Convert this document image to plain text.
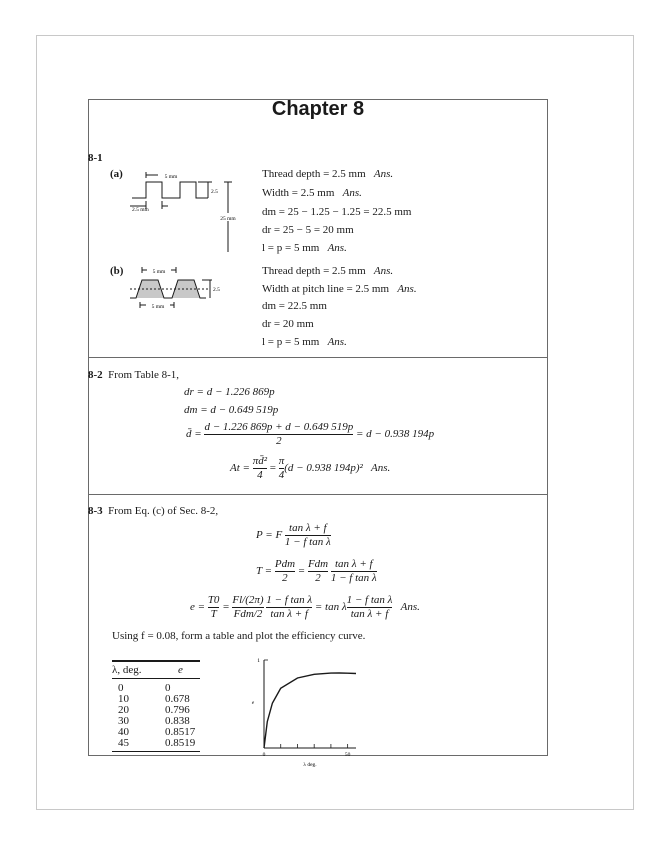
Chapter 8
8-1
(a)	5 mm
2.5
2.5 mm
25 mm
Thread depth = 2.5 mm Ans.
Width = 2.5 mm Ans.
dm = 25 − 1.25 − 1.25 = 22.5 mm
dr = 25 − 5 = 20 mm
l = p = 5 mm Ans.
(b)	5 mm
2.5
5 mm
Thread depth = 2.5 mm Ans.
Width at pitch line = 2.5 mm Ans.
dm = 22.5 mm
dr = 20 mm
l = p = 5 mm Ans.
8-2 From Table 8-1,
dr = d − 1.226 869p
dm = d − 0.649 519p
d̄ = $\frac{d - 1.226 869p + d - 0.649 519p}{2} = d - 0.938$ 194p
$At = \frac{\text{πd̄²}}{4} = \frac{\pi}{4} (d - 0.938$ 194p)² Ans.
8-3 From Eq. (c) of Sec. 8-2,
P = F $\frac{\text{tan λ + f}}{\text{1 − f tan λ}}$
$T = \frac{\text{Pdm}}{2} = \frac{\text{Fdm}}{2}$
$\frac{\text{tan λ + f}}{\text{1 − f tan λ}}$
$e = \frac{T0}{T} = \frac{Fl/(2\pi)}{\text{Fdm/2}}$
$\frac{\text{1 − f tan λ}}{\text{tan λ + f}} = \tan \lambda \frac{\text{1 − f tan λ}}{\text{tan λ + f}}$ Ans.
Using f = 0.08, form a table and plot the efficiency curve.
λ, deg.	e
0	0
10	0.678
20	0.796
30	0.838
40	0.8517
45	0.8519
1
0	50
λ deg.
e
